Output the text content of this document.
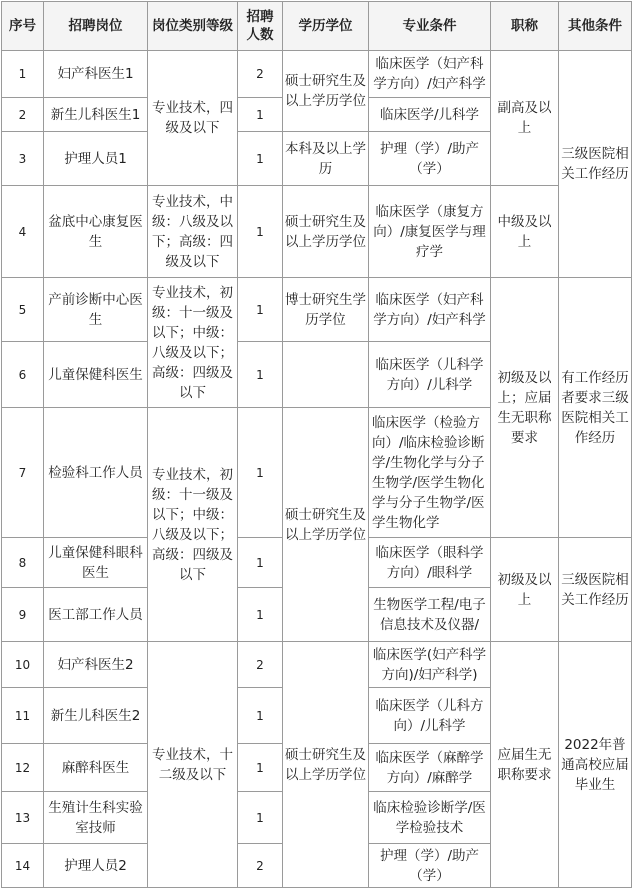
序号	招聘岗位	岗位类别等级	招聘人数	学历学位	专业条件	职称	其他条件
1	妇产科医生1	专业技术，四级及以下	2	硕士研究生及以上学历学位	临床医学（妇产科学方向）/妇产科学	副高及以上	三级医院相关工作经历
2	新生儿科医生1		1		临床医学/儿科学		
3	护理人员1		1	本科及以上学历	护理（学）/助产（学）		
4	盆底中心康复医生	专业技术，中级：八级及以下；高级：四级及以下	1	硕士研究生及以上学历学位	临床医学（康复方向）/康复医学与理疗学	中级及以上	
5	产前诊断中心医生	专业技术，初级：十一级及以下；中级：八级及以下；高级：四级及以下	1	博士研究生学历学位	临床医学（妇产科学方向）/妇产科学	初级及以上；应届生无职称要求	有工作经历者要求三级医院相关工作经历
6	儿童保健科医生		1		临床医学（儿科学方向）/儿科学		
7	检验科工作人员	专业技术，初级：十一级及以下；中级：八级及以下；高级：四级及以下	1	硕士研究生及以上学历学位	临床医学（检验方向）/临床检验诊断学/生物化学与分子生物学/医学生物化学与分子生物学/医学生物化学		
8	儿童保健科眼科医生		1		临床医学（眼科学方向）/眼科学	初级及以上	三级医院相关工作经历
9	医工部工作人员		1		生物医学工程/电子信息技术及仪器/		
10	妇产科医生2	专业技术，十二级及以下	2	硕士研究生及以上学历学位	临床医学(妇产科学方向)/妇产科学)	应届生无职称要求	2022年普通高校应届毕业生
11	新生儿科医生2		1		临床医学（儿科方向）/儿科学		
12	麻醉科医生		1		临床医学（麻醉学方向）/麻醉学		
13	生殖计生科实验室技师		1		临床检验诊断学/医学检验技术		
14	护理人员2		2		护理（学）/助产（学）		
